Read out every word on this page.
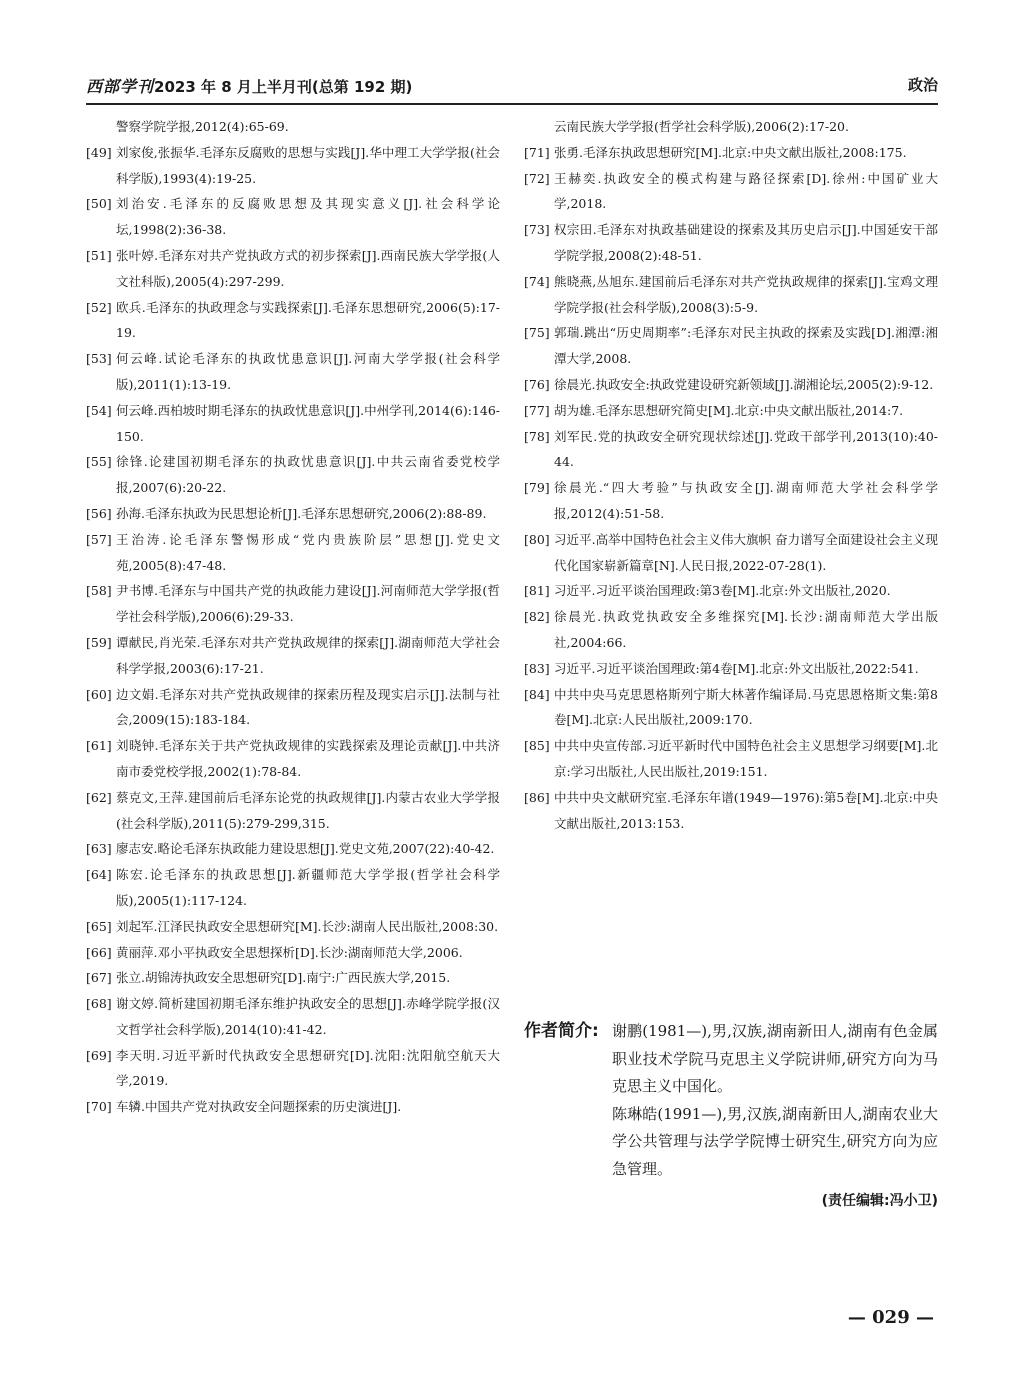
西部学刊2023 年 8 月上半月刊(总第 192 期)	政治
警察学院学报,2012(4):65-69.
[49] 刘家俊,张振华.毛泽东反腐败的思想与实践[J].华中理工大学学报(社会科学版),1993(4):19-25.
[50] 刘治安.毛泽东的反腐败思想及其现实意义[J].社会科学论坛,1998(2):36-38.
[51] 张叶婷.毛泽东对共产党执政方式的初步探索[J].西南民族大学学报(人文社科版),2005(4):297-299.
[52] 欧兵.毛泽东的执政理念与实践探索[J].毛泽东思想研究,2006(5):17-19.
[53] 何云峰.试论毛泽东的执政忧患意识[J].河南大学学报(社会科学版),2011(1):13-19.
[54] 何云峰.西柏坡时期毛泽东的执政忧患意识[J].中州学刊,2014(6):146-150.
[55] 徐锋.论建国初期毛泽东的执政忧患意识[J].中共云南省委党校学报,2007(6):20-22.
[56] 孙海.毛泽东执政为民思想论析[J].毛泽东思想研究,2006(2):88-89.
[57] 王治涛.论毛泽东警惕形成“党内贵族阶层”思想[J].党史文苑,2005(8):47-48.
[58] 尹书博.毛泽东与中国共产党的执政能力建设[J].河南师范大学学报(哲学社会科学版),2006(6):29-33.
[59] 谭献民,肖光荣.毛泽东对共产党执政规律的探索[J].湖南师范大学社会科学学报,2003(6):17-21.
[60] 边文娟.毛泽东对共产党执政规律的探索历程及现实启示[J].法制与社会,2009(15):183-184.
[61] 刘晓钟.毛泽东关于共产党执政规律的实践探索及理论贡献[J].中共济南市委党校学报,2002(1):78-84.
[62] 蔡克文,王萍.建国前后毛泽东论党的执政规律[J].内蒙古农业大学学报(社会科学版),2011(5):279-299,315.
[63] 廖志安.略论毛泽东执政能力建设思想[J].党史文苑,2007(22):40-42.
[64] 陈宏.论毛泽东的执政思想[J].新疆师范大学学报(哲学社会科学版),2005(1):117-124.
[65] 刘起军.江泽民执政安全思想研究[M].长沙:湖南人民出版社,2008:30.
[66] 黄丽萍.邓小平执政安全思想探析[D].长沙:湖南师范大学,2006.
[67] 张立.胡锦涛执政安全思想研究[D].南宁:广西民族大学,2015.
[68] 谢文婷.简析建国初期毛泽东维护执政安全的思想[J].赤峰学院学报(汉文哲学社会科学版),2014(10):41-42.
[69] 李天明.习近平新时代执政安全思想研究[D].沈阳:沈阳航空航天大学,2019.
[70] 车辚.中国共产党对执政安全问题探索的历史演进[J].
云南民族大学学报(哲学社会科学版),2006(2):17-20.
[71] 张勇.毛泽东执政思想研究[M].北京:中央文献出版社,2008:175.
[72] 王赫奕.执政安全的模式构建与路径探索[D].徐州:中国矿业大学,2018.
[73] 权宗田.毛泽东对执政基础建设的探索及其历史启示[J].中国延安干部学院学报,2008(2):48-51.
[74] 熊晓燕,丛旭东.建国前后毛泽东对共产党执政规律的探索[J].宝鸡文理学院学报(社会科学版),2008(3):5-9.
[75] 郭瑞.跳出“历史周期率”:毛泽东对民主执政的探索及实践[D].湘潭:湘潭大学,2008.
[76] 徐晨光.执政安全:执政党建设研究新领域[J].湖湘论坛,2005(2):9-12.
[77] 胡为雄.毛泽东思想研究简史[M].北京:中央文献出版社,2014:7.
[78] 刘军民.党的执政安全研究现状综述[J].党政干部学刊,2013(10):40-44.
[79] 徐晨光.“四大考验”与执政安全[J].湖南师范大学社会科学学报,2012(4):51-58.
[80] 习近平.高举中国特色社会主义伟大旗帜 奋力谱写全面建设社会主义现代化国家崭新篇章[N].人民日报,2022-07-28(1).
[81] 习近平.习近平谈治国理政:第3卷[M].北京:外文出版社,2020.
[82] 徐晨光.执政党执政安全多维探究[M].长沙:湖南师范大学出版社,2004:66.
[83] 习近平.习近平谈治国理政:第4卷[M].北京:外文出版社,2022:541.
[84] 中共中央马克思恩格斯列宁斯大林著作编译局.马克思恩格斯文集:第8卷[M].北京:人民出版社,2009:170.
[85] 中共中央宣传部.习近平新时代中国特色社会主义思想学习纲要[M].北京:学习出版社,人民出版社,2019:151.
[86] 中共中央文献研究室.毛泽东年谱(1949—1976):第5卷[M].北京:中央文献出版社,2013:153.
作者简介: 谢鹏(1981—),男,汉族,湖南新田人,湖南有色金属职业技术学院马克思主义学院讲师,研究方向为马克思主义中国化。

陈琳皓(1991—),男,汉族,湖南新田人,湖南农业大学公共管理与法学学院博士研究生,研究方向为应急管理。

(责任编辑:冯小卫)
— 029 —
